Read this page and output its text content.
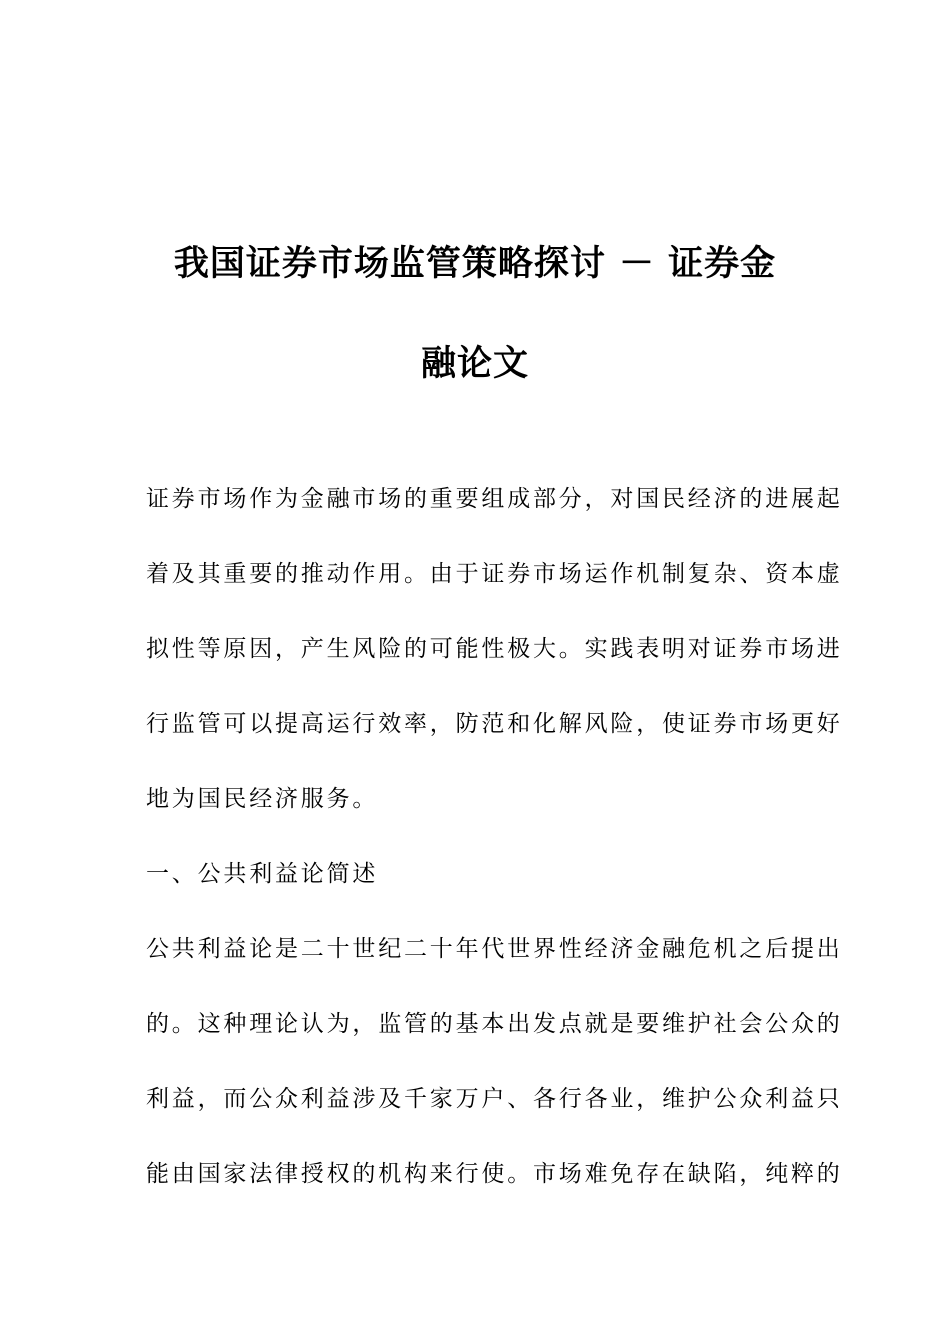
我国证券市场监管策略探讨 － 证券金
融论文
证券市场作为金融市场的重要组成部分，对国民经济的进展起
着及其重要的推动作用。由于证券市场运作机制复杂、资本虚
拟性等原因，产生风险的可能性极大。实践表明对证券市场进
行监管可以提高运行效率，防范和化解风险，使证券市场更好
地为国民经济服务。
一、公共利益论简述
公共利益论是二十世纪二十年代世界性经济金融危机之后提出
的。这种理论认为，监管的基本出发点就是要维护社会公众的
利益，而公众利益涉及千家万户、各行各业，维护公众利益只
能由国家法律授权的机构来行使。市场难免存在缺陷，纯粹的
